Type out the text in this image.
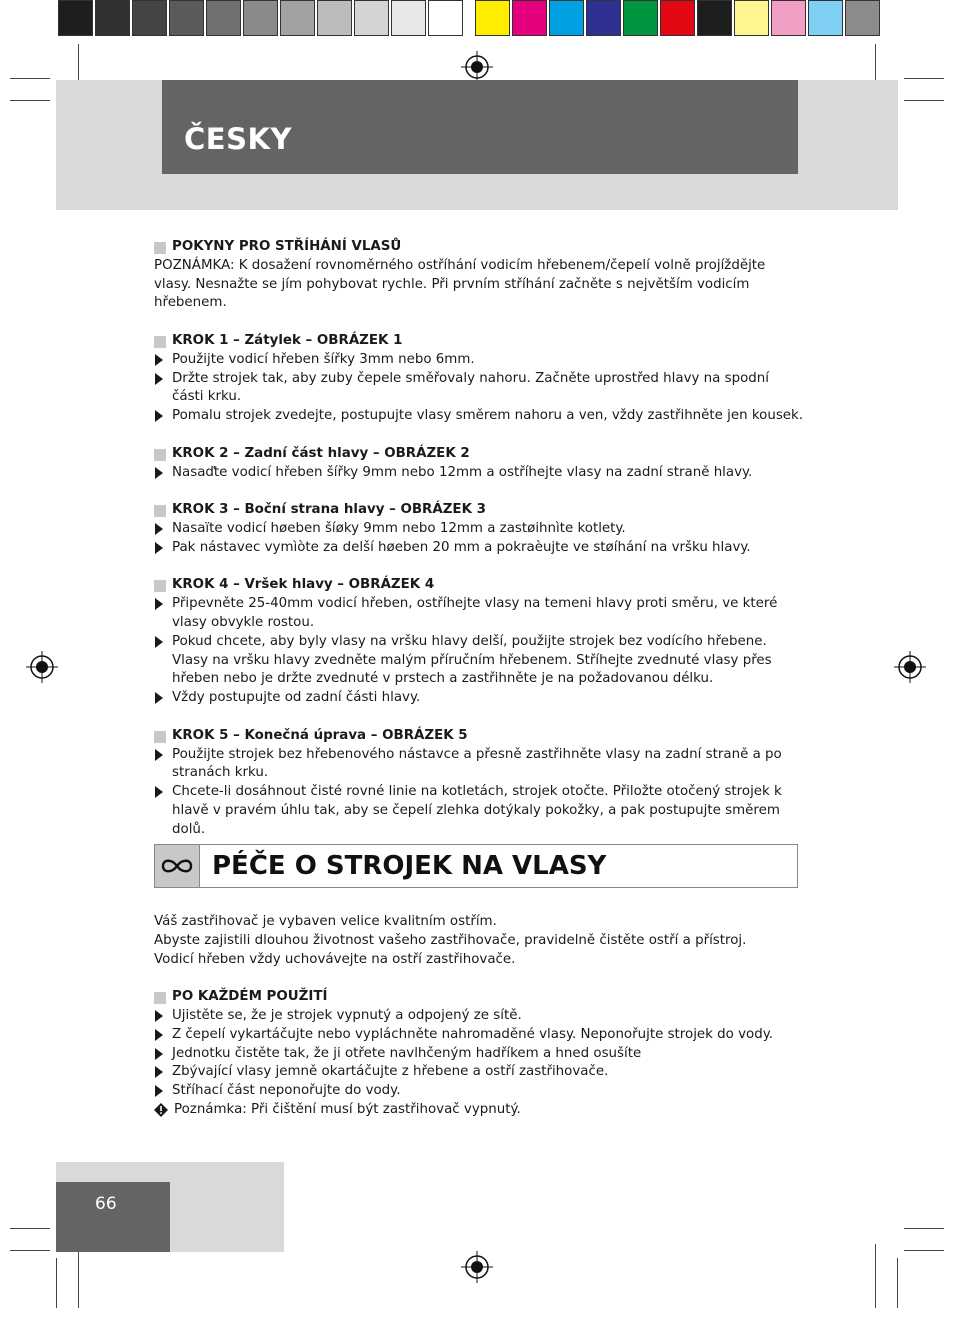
ČESKY
POKYNY PRO STŘÍHÁNÍ VLASŮ

POZNÁMKA: K dosažení rovnoměrného ostříhání vodicím hřebenem/čepelí volně projíždějte vlasy. Nesnažte se jím pohybovat rychle. Při prvním stříhání začněte s největším vodicím hřebenem.

KROK 1 – Zátylek – OBRÁZEK 1
Použijte vodicí hřeben šířky 3mm nebo 6mm.
Držte strojek tak, aby zuby čepele směřovaly nahoru. Začněte uprostřed hlavy na spodní části krku.
Pomalu strojek zvedejte, postupujte vlasy směrem nahoru a ven, vždy zastřihněte jen kousek.
KROK 2 – Zadní část hlavy – OBRÁZEK 2
Nasaďte vodicí hřeben šířky 9mm nebo 12mm a ostříhejte vlasy na zadní straně hlavy.
KROK 3 – Boční strana hlavy – OBRÁZEK 3
Nasaïte vodicí høeben šíøky 9mm nebo 12mm a zastøihnìte kotlety.
Pak nástavec vymìòte za delší høeben 20 mm a pokraèujte ve støíhání na vršku hlavy.
KROK 4 – Vršek hlavy – OBRÁZEK 4
Připevněte 25-40mm vodicí hřeben, ostříhejte vlasy na temeni hlavy proti směru, ve které vlasy obvykle rostou.
Pokud chcete, aby byly vlasy na vršku hlavy delší, použijte strojek bez vodícího hřebene. Vlasy na vršku hlavy zvedněte malým příručním hřebenem. Stříhejte zvednuté vlasy přes hřeben nebo je držte zvednuté v prstech a zastřihněte je na požadovanou délku.
Vždy postupujte od zadní části hlavy.
KROK 5 – Konečná úprava – OBRÁZEK 5
Použijte strojek bez hřebenového nástavce a přesně zastřihněte vlasy na zadní straně a po stranách krku.
Chcete-li dosáhnout čisté rovné linie na kotletách, strojek otočte. Přiložte otočený strojek k hlavě v pravém úhlu tak, aby se čepelí zlehka dotýkaly pokožky, a pak postupujte směrem dolů.
PÉČE O STROJEK NA VLASY

Váš zastřihovač je vybaven velice kvalitním ostřím.

Abyste zajistili dlouhou životnost vašeho zastřihovače, pravidelně čistěte ostří a přístroj.

Vodicí hřeben vždy uchovávejte na ostří zastřihovače.

PO KAŽDÉM POUŽITÍ
Ujistěte se, že je strojek vypnutý a odpojený ze sítě.
Z čepelí vykartáčujte nebo vypláchněte nahromaděné vlasy. Neponořujte strojek do vody.
Jednotku čistěte tak, že ji otřete navlhčeným hadříkem a hned osušíte
Zbývající vlasy jemně okartáčujte z hřebene a ostří zastřihovače.
Stříhací část neponořujte do vody.
Poznámka: Při čištění musí být zastřihovač vypnutý.
66
